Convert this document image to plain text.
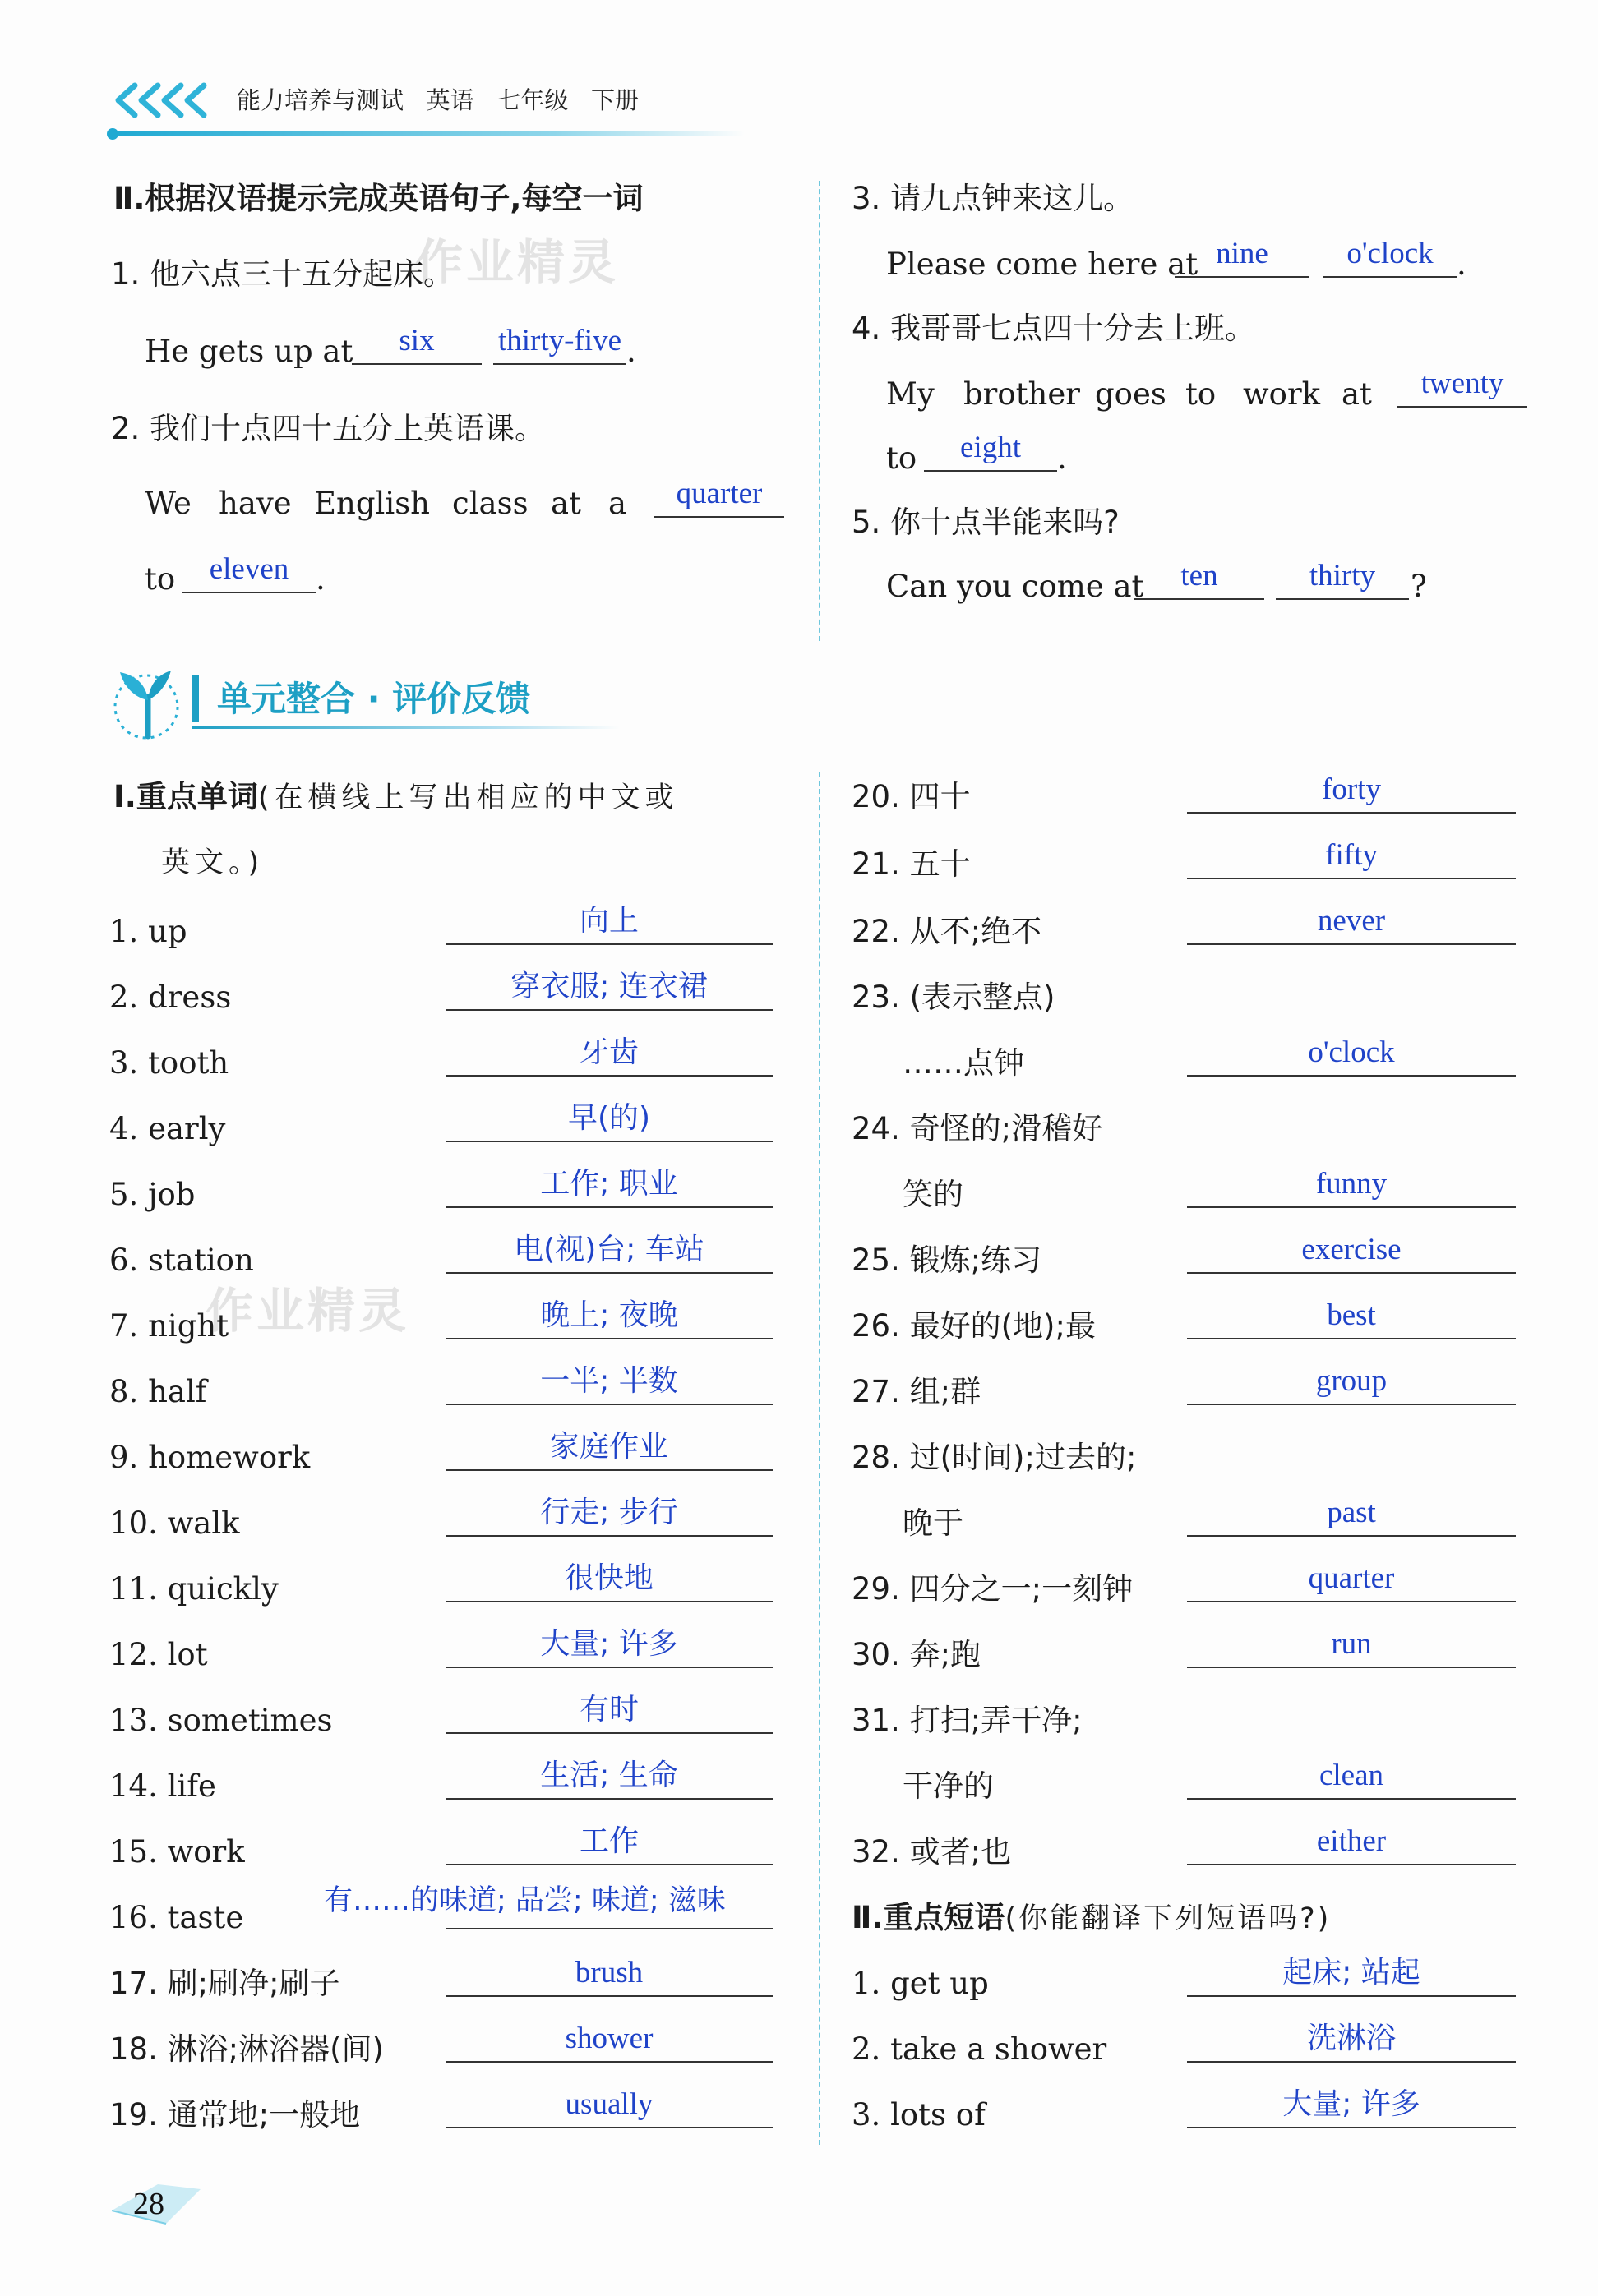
能力培养与测试 英语 七年级 下册
作业精灵
作业精灵
Ⅱ.根据汉语提示完成英语句子,每空一词
1. 他六点三十五分起床。
He gets up at	six	thirty-five .
2. 我们十点四十五分上英语课。
We have English class at a	quarter
to	eleven .
3. 请九点钟来这儿。
Please come here at nine	o'clock .
4. 我哥哥七点四十分去上班。
My brother goes to work at	twenty
to	eight	.
5. 你十点半能来吗?
Can you come at	ten	thirty	?
单元整合 · 评价反馈
Ⅰ.重点单词(在横线上写出相应的中文或
英文。)
1. up	向上
2. dress	穿衣服; 连衣裙
3. tooth	牙齿
4. early	早(的)
5. job	工作; 职业
6. station	电(视)台; 车站
7. night	晚上; 夜晚
8. half	一半; 半数
9. homework	家庭作业
10. walk	行走; 步行
11. quickly	很快地
12. lot	大量; 许多
13. sometimes	有时
14. life	生活; 生命
15. work	工作
16. taste	有……的味道; 品尝; 味道; 滋味
17. 刷;刷净;刷子	brush
18. 淋浴;淋浴器(间)	shower
19. 通常地;一般地	usually
20. 四十	forty
21. 五十	fifty
22. 从不;绝不	never
23. (表示整点)
……点钟	o'clock
24. 奇怪的;滑稽好
笑的	funny
25. 锻炼;练习	exercise
26. 最好的(地);最	best
27. 组;群	group
28. 过(时间);过去的;
晚于	past
29. 四分之一;一刻钟	quarter
30. 奔;跑	run
31. 打扫;弄干净;
干净的	clean
32. 或者;也	either
Ⅱ.重点短语(你能翻译下列短语吗?)
1. get up	起床; 站起
2. take a shower	洗淋浴
3. lots of	大量; 许多
28
